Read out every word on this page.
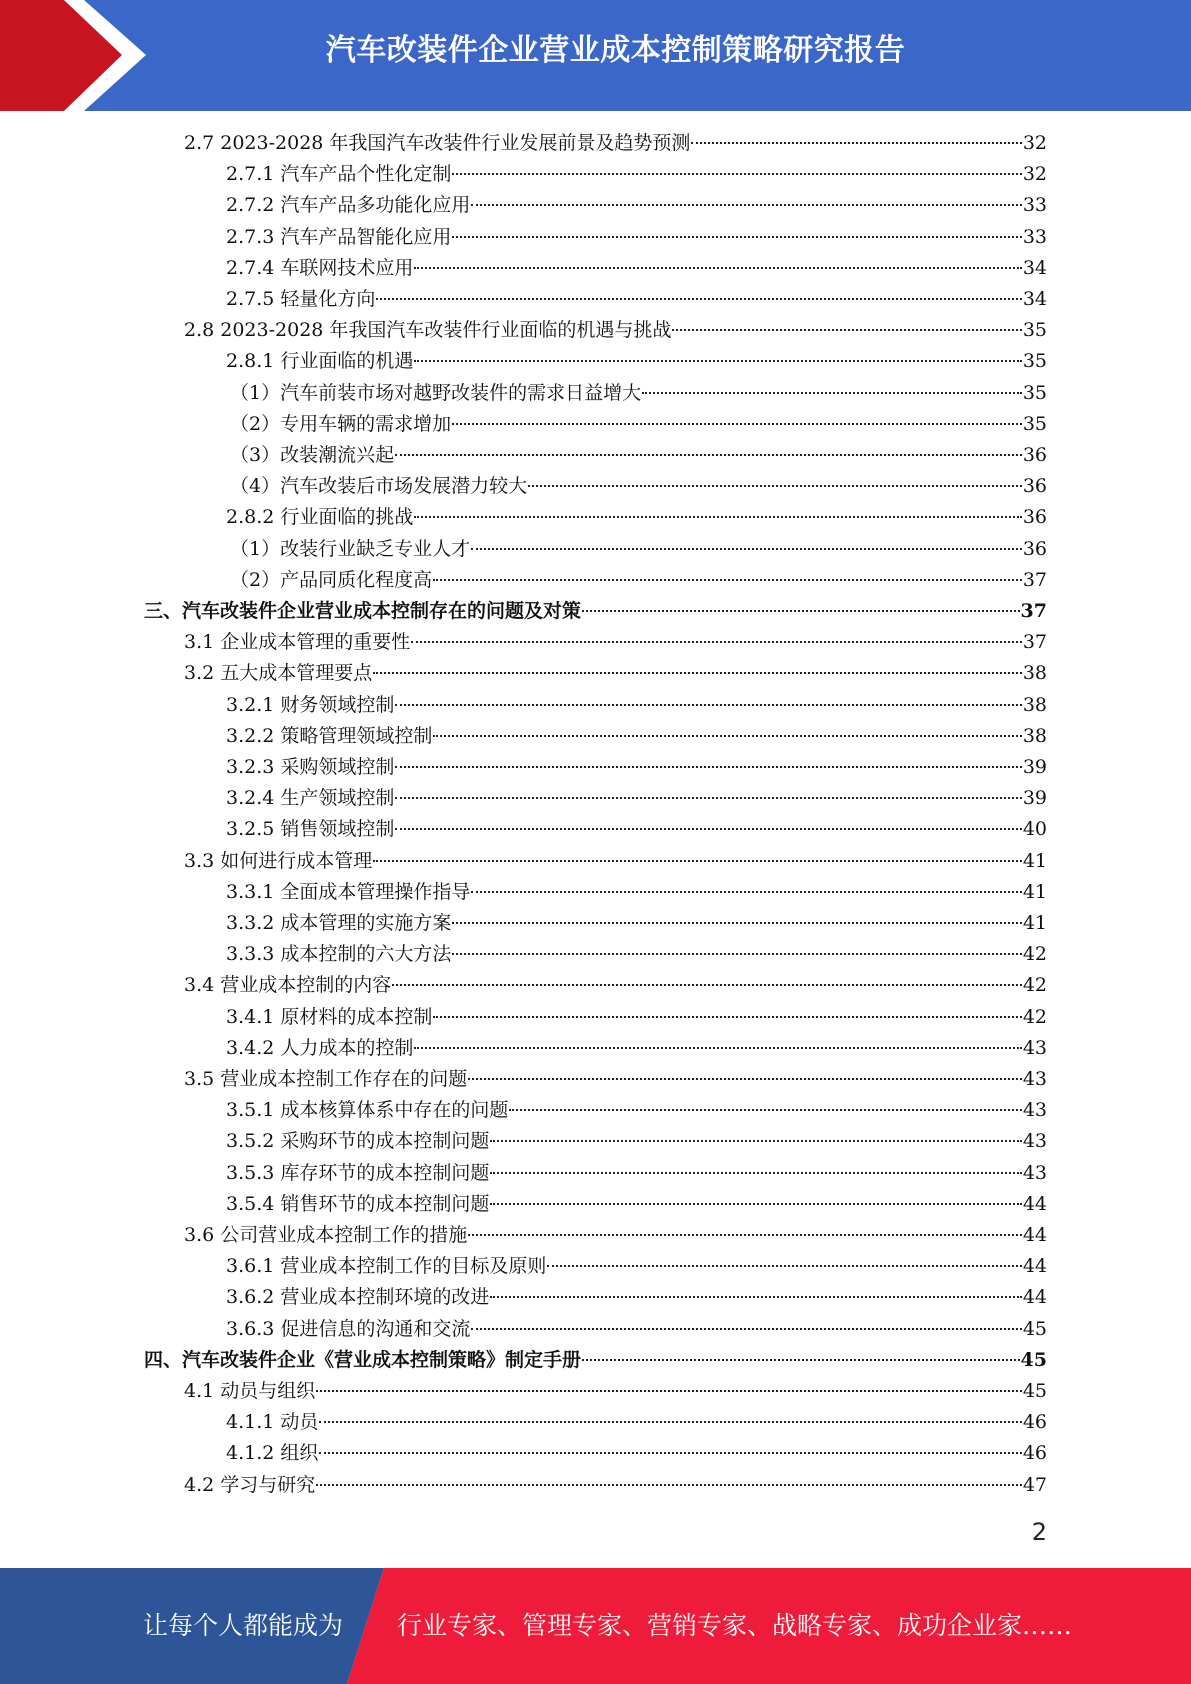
汽车改装件企业营业成本控制策略研究报告
2.7 2023-2028 年我国汽车改装件行业发展前景及趋势预测	32
2.7.1 汽车产品个性化定制	32
2.7.2 汽车产品多功能化应用	33
2.7.3 汽车产品智能化应用	33
2.7.4 车联网技术应用	34
2.7.5 轻量化方向	34
2.8 2023-2028 年我国汽车改装件行业面临的机遇与挑战	35
2.8.1 行业面临的机遇	35
（1）汽车前装市场对越野改装件的需求日益增大	35
（2）专用车辆的需求增加	35
（3）改装潮流兴起	36
（4）汽车改装后市场发展潜力较大	36
2.8.2 行业面临的挑战	36
（1）改装行业缺乏专业人才	36
（2）产品同质化程度高	37
三、汽车改装件企业营业成本控制存在的问题及对策	37
3.1 企业成本管理的重要性	37
3.2 五大成本管理要点	38
3.2.1 财务领域控制	38
3.2.2 策略管理领域控制	38
3.2.3 采购领域控制	39
3.2.4 生产领域控制	39
3.2.5 销售领域控制	40
3.3 如何进行成本管理	41
3.3.1 全面成本管理操作指导	41
3.3.2 成本管理的实施方案	41
3.3.3 成本控制的六大方法	42
3.4 营业成本控制的内容	42
3.4.1 原材料的成本控制	42
3.4.2 人力成本的控制	43
3.5 营业成本控制工作存在的问题	43
3.5.1 成本核算体系中存在的问题	43
3.5.2 采购环节的成本控制问题	43
3.5.3 库存环节的成本控制问题	43
3.5.4 销售环节的成本控制问题	44
3.6 公司营业成本控制工作的措施	44
3.6.1 营业成本控制工作的目标及原则	44
3.6.2 营业成本控制环境的改进	44
3.6.3 促进信息的沟通和交流	45
四、汽车改装件企业《营业成本控制策略》制定手册	45
4.1 动员与组织	45
4.1.1 动员	46
4.1.2 组织	46
4.2 学习与研究	47
2
让每个人都能成为 行业专家、管理专家、营销专家、战略专家、成功企业家……
